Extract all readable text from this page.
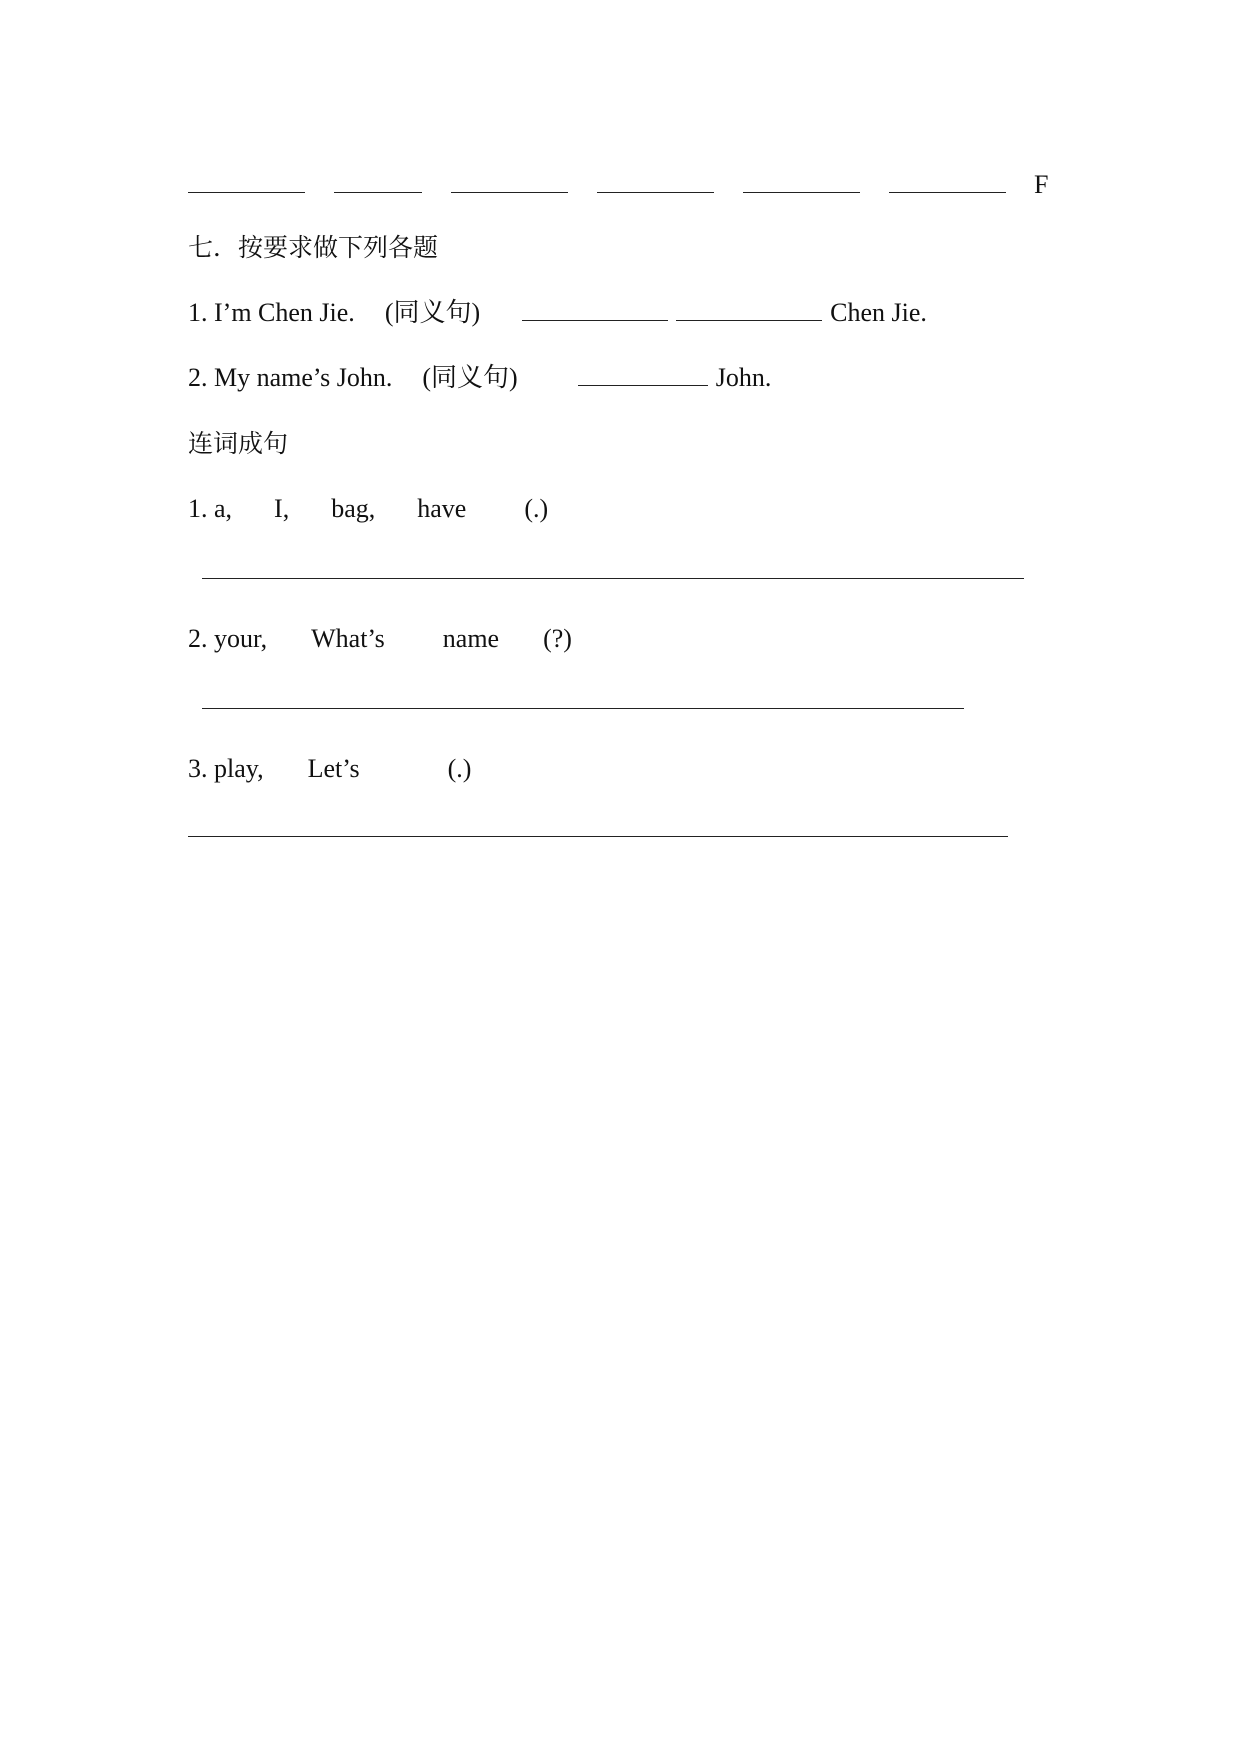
F
七．按要求做下列各题
1. I’m Chen Jie. (同义句)	Chen Jie.
2. My name’s John. (同义句)	John.
连词成句
1. a, I, bag, have (.)
2. your, What’s name (?)
3. play, Let’s	(.)
